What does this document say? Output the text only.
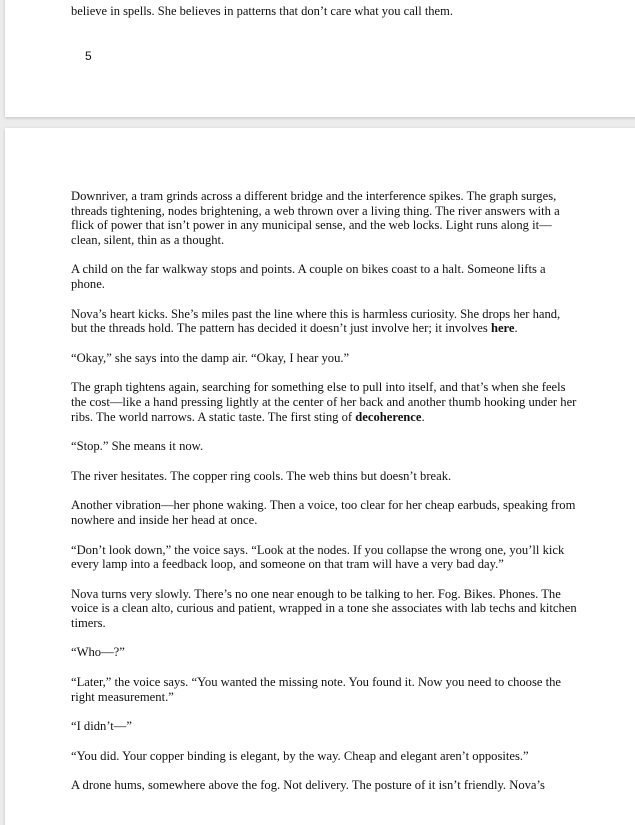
believe in spells. She believes in patterns that don’t care what you call them.

5

Downriver, a tram grinds across a different bridge and the interference spikes. The graph surges, threads tightening, nodes brightening, a web thrown over a living thing. The river answers with a flick of power that isn’t power in any municipal sense, and the web locks. Light runs along it—clean, silent, thin as a thought.

A child on the far walkway stops and points. A couple on bikes coast to a halt. Someone lifts a phone.

Nova’s heart kicks. She’s miles past the line where this is harmless curiosity. She drops her hand, but the threads hold. The pattern has decided it doesn’t just involve her; it involves here.

“Okay,” she says into the damp air. “Okay, I hear you.”

The graph tightens again, searching for something else to pull into itself, and that’s when she feels the cost—like a hand pressing lightly at the center of her back and another thumb hooking under her ribs. The world narrows. A static taste. The first sting of decoherence.

“Stop.” She means it now.

The river hesitates. The copper ring cools. The web thins but doesn’t break.

Another vibration—her phone waking. Then a voice, too clear for her cheap earbuds, speaking from nowhere and inside her head at once.

“Don’t look down,” the voice says. “Look at the nodes. If you collapse the wrong one, you’ll kick every lamp into a feedback loop, and someone on that tram will have a very bad day.”

Nova turns very slowly. There’s no one near enough to be talking to her. Fog. Bikes. Phones. The voice is a clean alto, curious and patient, wrapped in a tone she associates with lab techs and kitchen timers.

“Who—?”

“Later,” the voice says. “You wanted the missing note. You found it. Now you need to choose the right measurement.”

“I didn’t—”

“You did. Your copper binding is elegant, by the way. Cheap and elegant aren’t opposites.”

A drone hums, somewhere above the fog. Not delivery. The posture of it isn’t friendly. Nova’s
